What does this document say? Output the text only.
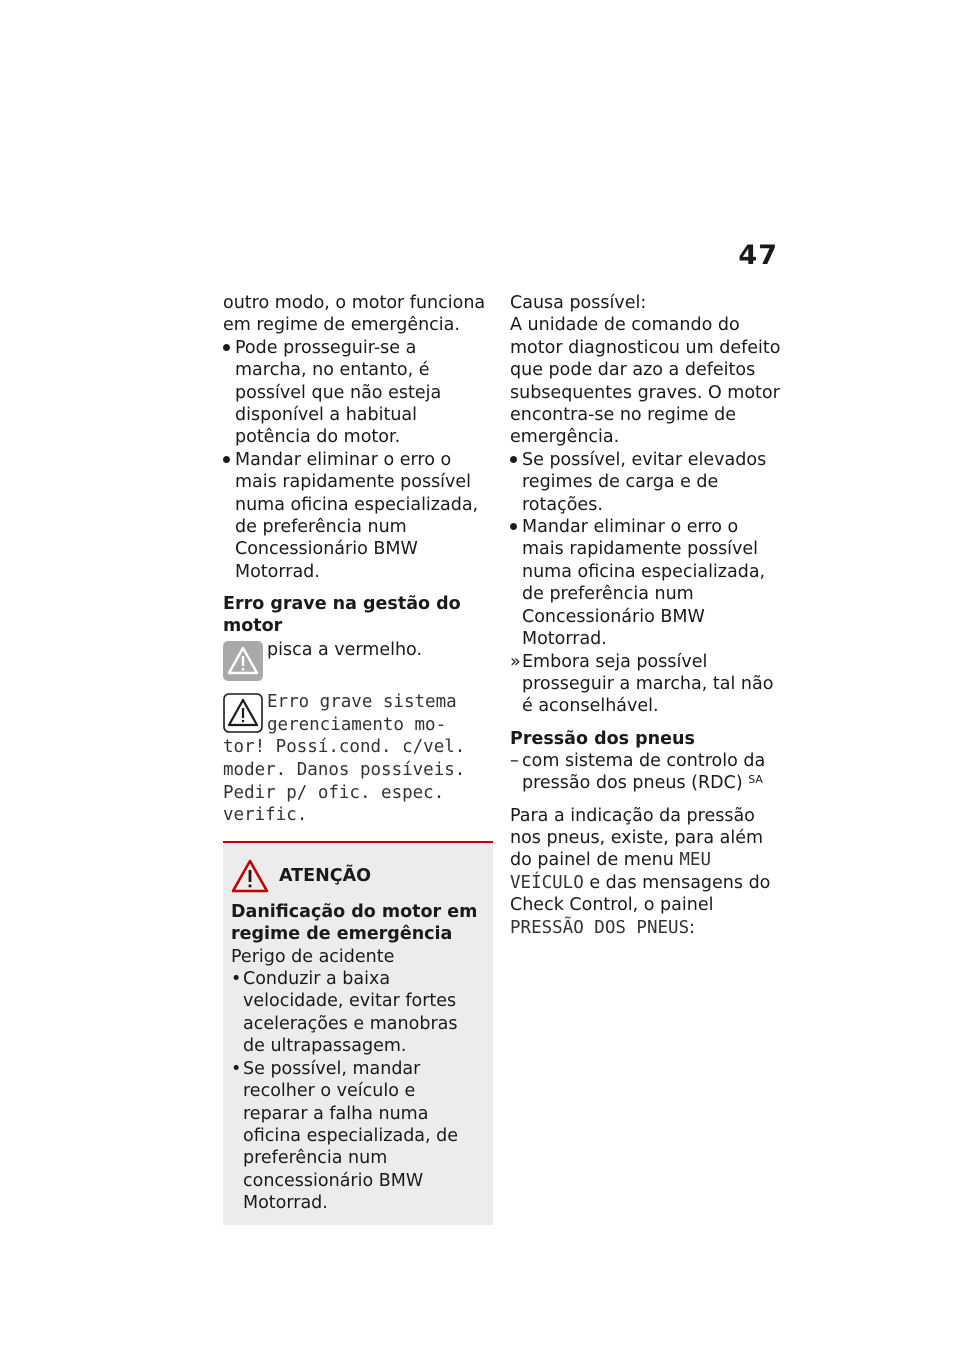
47

outro modo, o motor funciona em regime de emergência.

Pode prosseguir-se a marcha, no entanto, é possível que não esteja disponível a habitual potência do motor.
Mandar eliminar o erro o mais rapidamente possível numa oficina especializada, de preferência num Concessionário BMW Motorrad.
Erro grave na gestão do motor
pisca a vermelho.
Erro grave sistema
gerenciamento mo-
tor! Possí.cond. c/vel. moder. Danos possíveis. Pedir p/ ofic. espec. verific.
ATENÇÃO
Danificação do motor em regime de emergência

Perigo de acidente

• Conduzir a baixa velocidade, evitar fortes acelerações e manobras de ultrapassagem.
• Se possível, mandar recolher o veículo e reparar a falha numa oficina especializada, de preferência num concessionário BMW Motorrad.

Causa possível:

A unidade de comando do motor diagnosticou um defeito que pode dar azo a defeitos subsequentes graves. O motor encontra-se no regime de emergência.

Se possível, evitar elevados regimes de carga e de rotações.
Mandar eliminar o erro o mais rapidamente possível numa oficina especializada, de preferência num Concessionário BMW Motorrad.
» Embora seja possível prosseguir a marcha, tal não é aconselhável.
Pressão dos pneus
– com sistema de controlo da pressão dos pneus (RDC) $^{SA}$

Para a indicação da pressão nos pneus, existe, para além do painel de menu MEU VEÍCULO e das mensagens do Check Control, o painel PRESSÃO DOS PNEUS:
